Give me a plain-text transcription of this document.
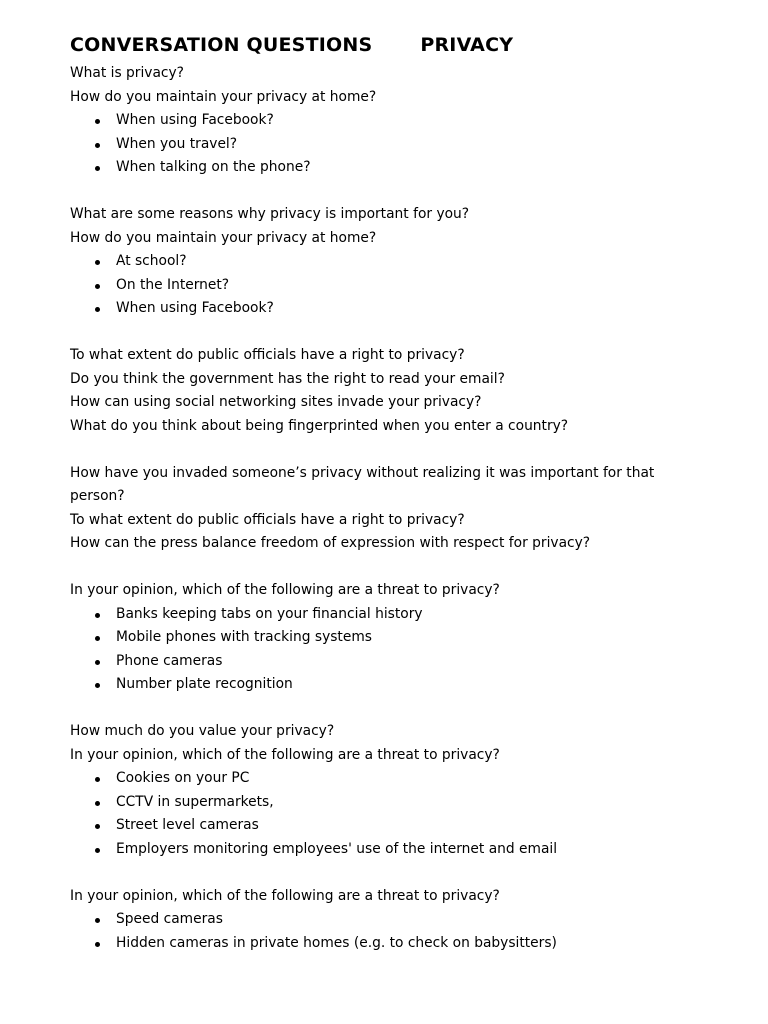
CONVERSATION QUESTIONS	PRIVACY
What is privacy?
How do you maintain your privacy at home?
When using Facebook?
When you travel?
When talking on the phone?
What are some reasons why privacy is important for you?
How do you maintain your privacy at home?
At school?
On the Internet?
When using Facebook?
To what extent do public officials have a right to privacy?
Do you think the government has the right to read your email?
How can using social networking sites invade your privacy?
What do you think about being fingerprinted when you enter a country?
How have you invaded someone’s privacy without realizing it was important for that person?
To what extent do public officials have a right to privacy?
How can the press balance freedom of expression with respect for privacy?
In your opinion, which of the following are a threat to privacy?
Banks keeping tabs on your financial history
Mobile phones with tracking systems
Phone cameras
Number plate recognition
How much do you value your privacy?
In your opinion, which of the following are a threat to privacy?
Cookies on your PC
CCTV in supermarkets,
Street level cameras
Employers monitoring employees' use of the internet and email
In your opinion, which of the following are a threat to privacy?
Speed cameras
Hidden cameras in private homes (e.g. to check on babysitters)
